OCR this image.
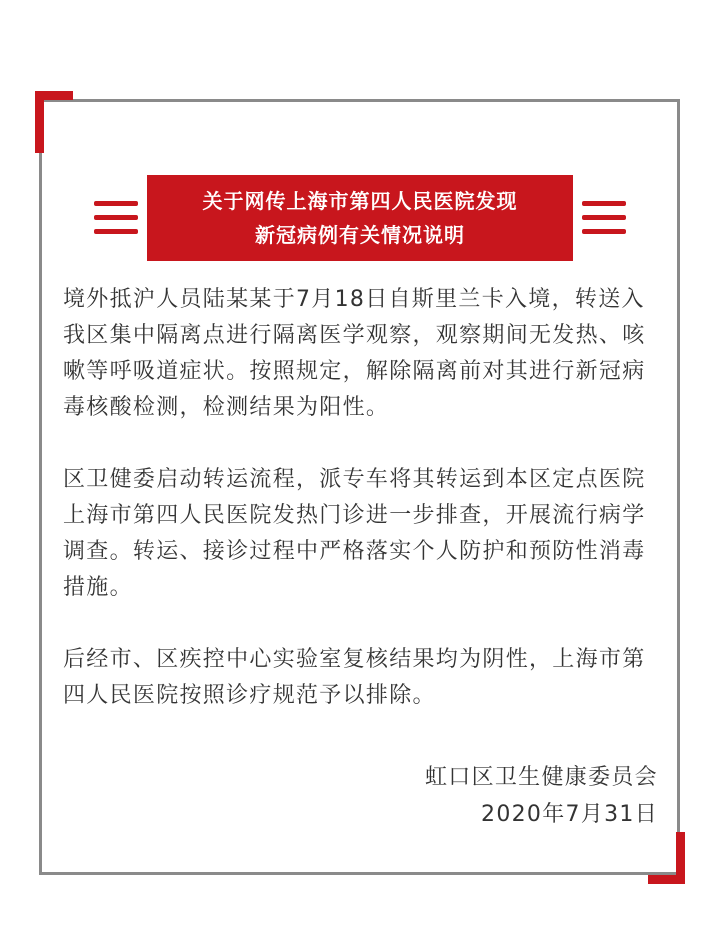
关于网传上海市第四人民医院发现
新冠病例有关情况说明

境外抵沪人员陆某某于7月18日自斯里兰卡入境，转送入我区集中隔离点进行隔离医学观察，观察期间无发热、咳嗽等呼吸道症状。按照规定，解除隔离前对其进行新冠病毒核酸检测，检测结果为阳性。

区卫健委启动转运流程，派专车将其转运到本区定点医院上海市第四人民医院发热门诊进一步排查，开展流行病学调查。转运、接诊过程中严格落实个人防护和预防性消毒措施。

后经市、区疾控中心实验室复核结果均为阴性，上海市第四人民医院按照诊疗规范予以排除。

虹口区卫生健康委员会
2020年7月31日
